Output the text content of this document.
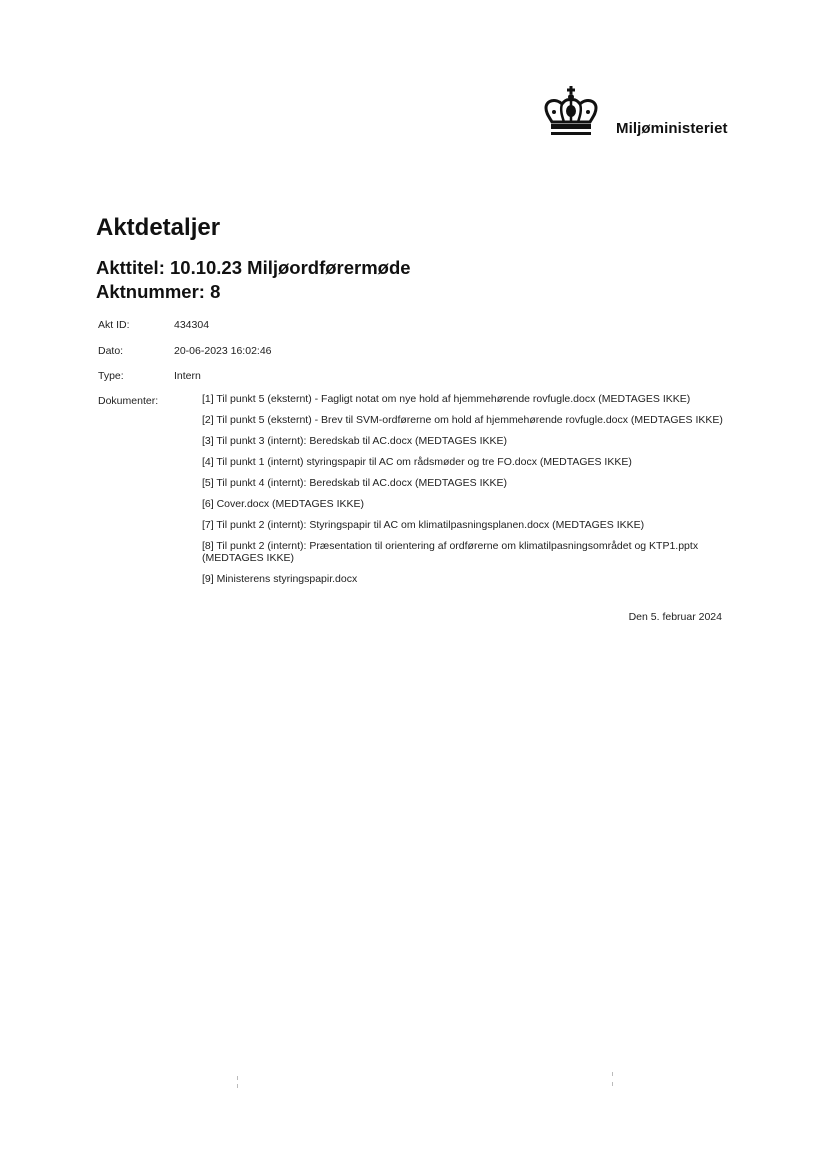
Miljøministeriet
Aktdetaljer
Akttitel: 10.10.23 Miljøordførermøde
Aktnummer: 8
Akt ID:	434304
Dato:	20-06-2023 16:02:46
Type:	Intern
Dokumenter:	[1] Til punkt 5 (eksternt) - Fagligt notat om nye hold af hjemmehørende rovfugle.docx (MEDTAGES IKKE)
[2] Til punkt 5 (eksternt) - Brev til SVM-ordførerne om hold af hjemmehørende rovfugle.docx (MEDTAGES IKKE)
[3] Til punkt 3 (internt): Beredskab til AC.docx (MEDTAGES IKKE)
[4] Til punkt 1 (internt) styringspapir til AC om rådsmøder og tre FO.docx (MEDTAGES IKKE)
[5] Til punkt 4 (internt): Beredskab til AC.docx (MEDTAGES IKKE)
[6] Cover.docx (MEDTAGES IKKE)
[7] Til punkt 2 (internt): Styringspapir til AC om klimatilpasningsplanen.docx (MEDTAGES IKKE)
[8] Til punkt 2 (internt): Præsentation til orientering af ordførerne om klimatilpasningsområdet og KTP1.pptx (MEDTAGES IKKE)
[9] Ministerens styringspapir.docx
Den 5. februar 2024
